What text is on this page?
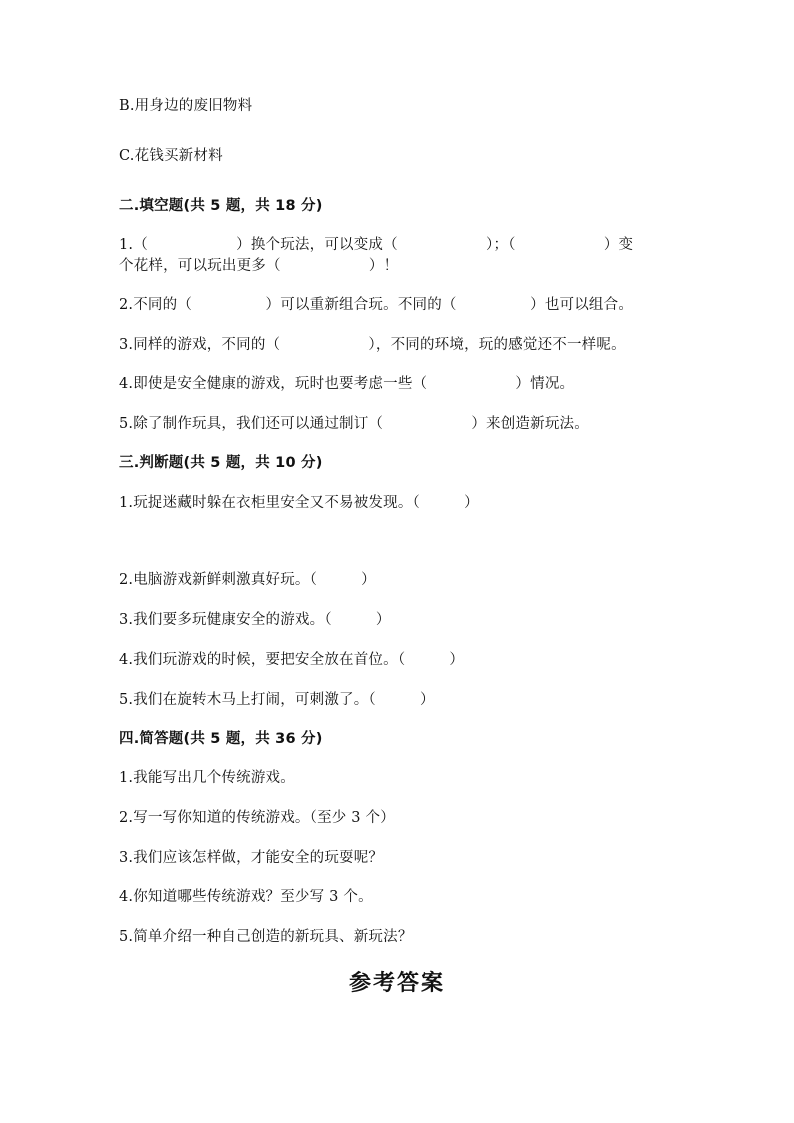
B.用身边的废旧物料
C.花钱买新材料
二.填空题(共 5 题，共 18 分)
1.（　　　　　　）换个玩法，可以变成（　　　　　　）；（　　　　　　）变
个花样，可以玩出更多（　　　　　　）！
2.不同的（　　　　　）可以重新组合玩。不同的（　　　　　）也可以组合。
3.同样的游戏，不同的（　　　　　　），不同的环境，玩的感觉还不一样呢。
4.即使是安全健康的游戏，玩时也要考虑一些（　　　　　　）情况。
5.除了制作玩具，我们还可以通过制订（　　　　　　）来创造新玩法。
三.判断题(共 5 题，共 10 分)
1.玩捉迷藏时躲在衣柜里安全又不易被发现。（　　　）
2.电脑游戏新鲜刺激真好玩。（　　　）
3.我们要多玩健康安全的游戏。（　　　）
4.我们玩游戏的时候，要把安全放在首位。（　　　）
5.我们在旋转木马上打闹，可刺激了。（　　　）
四.简答题(共 5 题，共 36 分)
1.我能写出几个传统游戏。
2.写一写你知道的传统游戏。（至少 3 个）
3.我们应该怎样做，才能安全的玩耍呢？
4.你知道哪些传统游戏？至少写 3 个。
5.简单介绍一种自己创造的新玩具、新玩法？
参考答案
